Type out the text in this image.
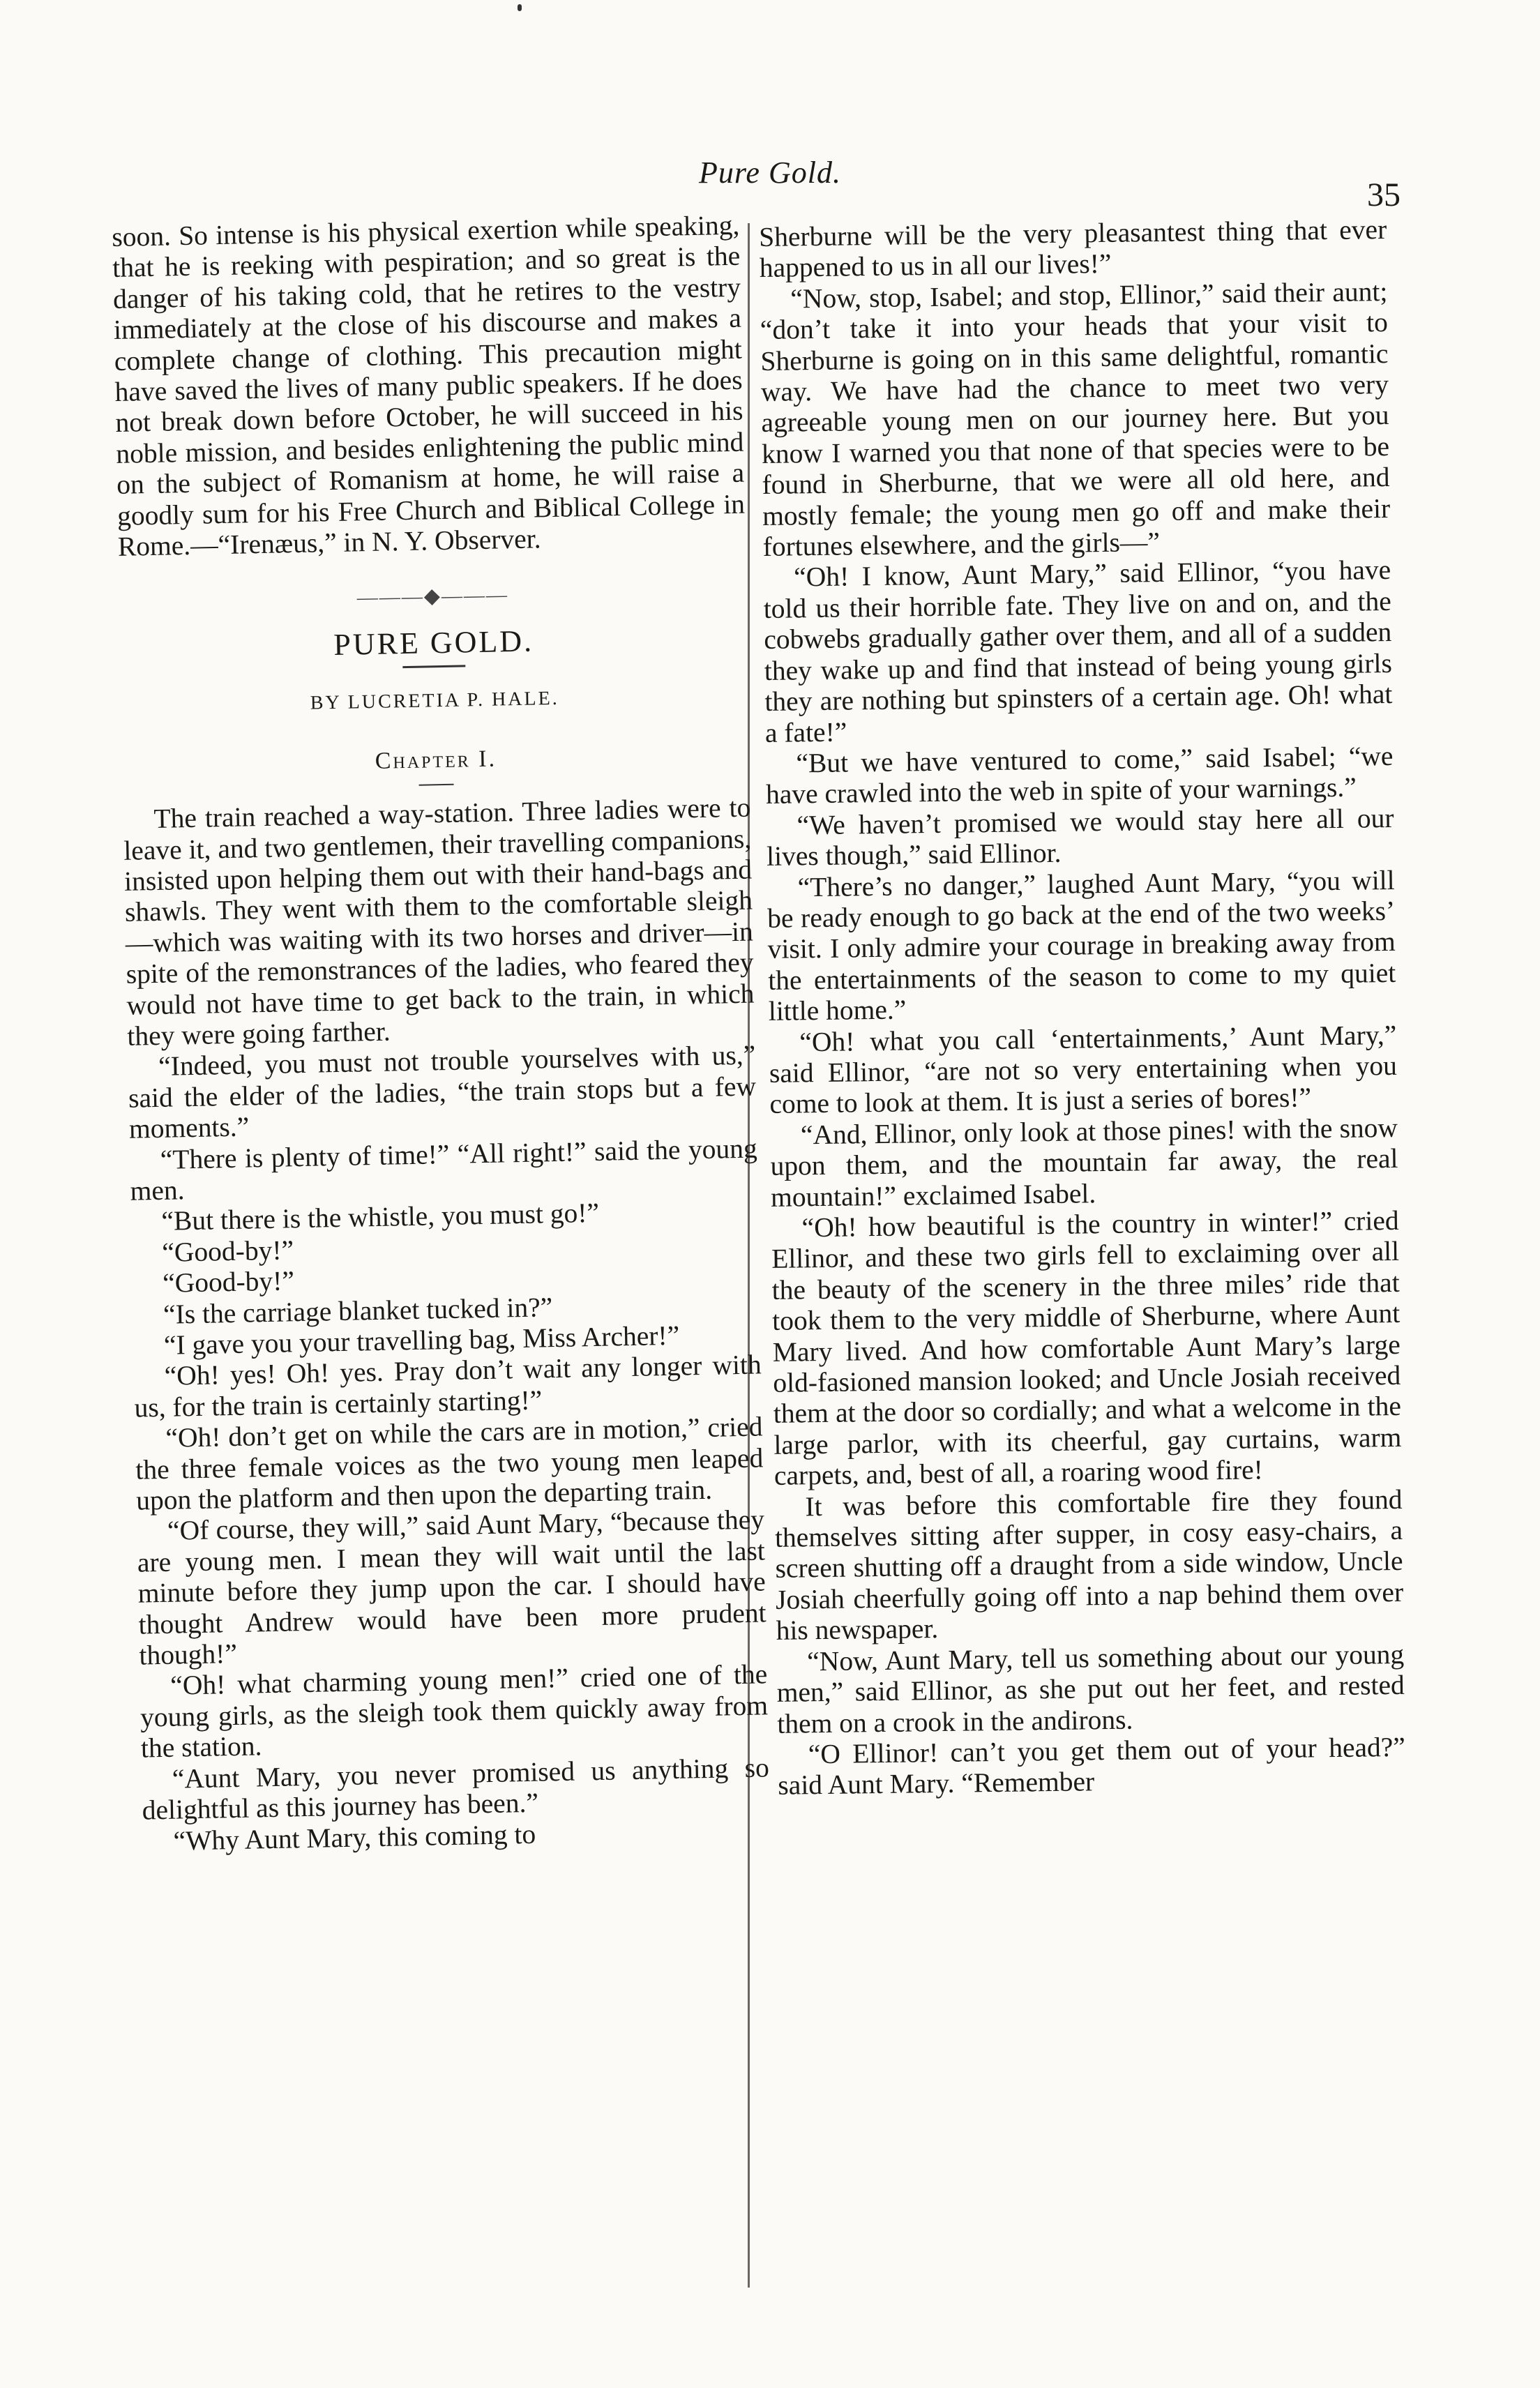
Pure Gold.
35

soon. So intense is his physical exertion while speaking, that he is reeking with pespiration; and so great is the danger of his taking cold, that he retires to the vestry immediately at the close of his discourse and makes a complete change of clothing. This precaution might have saved the lives of many public speakers. If he does not break down before October, he will succeed in his noble mission, and besides enlightening the public mind on the subject of Romanism at home, he will raise a goodly sum for his Free Church and Biblical College in Rome.—“Irenæus,” in N. Y. Observer.

———◆———
PURE GOLD.
BY LUCRETIA P. HALE.
Chapter I.

The train reached a way-station. Three ladies were to leave it, and two gentlemen, their travelling companions, insisted upon helping them out with their hand-bags and shawls. They went with them to the comfortable sleigh—which was waiting with its two horses and driver—in spite of the remonstrances of the ladies, who feared they would not have time to get back to the train, in which they were going farther.

“Indeed, you must not trouble yourselves with us,” said the elder of the ladies, “the train stops but a few moments.”

“There is plenty of time!” “All right!” said the young men.

“But there is the whistle, you must go!”

“Good-by!”

“Good-by!”

“Is the carriage blanket tucked in?”

“I gave you your travelling bag, Miss Archer!”

“Oh! yes! Oh! yes. Pray don’t wait any longer with us, for the train is certainly starting!”

“Oh! don’t get on while the cars are in motion,” cried the three female voices as the two young men leaped upon the platform and then upon the departing train.

“Of course, they will,” said Aunt Mary, “because they are young men. I mean they will wait until the last minute before they jump upon the car. I should have thought Andrew would have been more prudent though!”

“Oh! what charming young men!” cried one of the young girls, as the sleigh took them quickly away from the station.

“Aunt Mary, you never promised us anything so delightful as this journey has been.”

“Why Aunt Mary, this coming to

Sherburne will be the very pleasantest thing that ever happened to us in all our lives!”

“Now, stop, Isabel; and stop, Ellinor,” said their aunt; “don’t take it into your heads that your visit to Sherburne is going on in this same delightful, romantic way. We have had the chance to meet two very agreeable young men on our journey here. But you know I warned you that none of that species were to be found in Sherburne, that we were all old here, and mostly female; the young men go off and make their fortunes elsewhere, and the girls—”

“Oh! I know, Aunt Mary,” said Ellinor, “you have told us their horrible fate. They live on and on, and the cobwebs gradually gather over them, and all of a sudden they wake up and find that instead of being young girls they are nothing but spinsters of a certain age. Oh! what a fate!”

“But we have ventured to come,” said Isabel; “we have crawled into the web in spite of your warnings.”

“We haven’t promised we would stay here all our lives though,” said Ellinor.

“There’s no danger,” laughed Aunt Mary, “you will be ready enough to go back at the end of the two weeks’ visit. I only admire your courage in breaking away from the entertainments of the season to come to my quiet little home.”

“Oh! what you call ‘entertainments,’ Aunt Mary,” said Ellinor, “are not so very entertaining when you come to look at them. It is just a series of bores!”

“And, Ellinor, only look at those pines! with the snow upon them, and the mountain far away, the real mountain!” exclaimed Isabel.

“Oh! how beautiful is the country in winter!” cried Ellinor, and these two girls fell to exclaiming over all the beauty of the scenery in the three miles’ ride that took them to the very middle of Sherburne, where Aunt Mary lived. And how comfortable Aunt Mary’s large old-fasioned mansion looked; and Uncle Josiah received them at the door so cordially; and what a welcome in the large parlor, with its cheerful, gay curtains, warm carpets, and, best of all, a roaring wood fire!

It was before this comfortable fire they found themselves sitting after supper, in cosy easy-chairs, a screen shutting off a draught from a side window, Uncle Josiah cheerfully going off into a nap behind them over his newspaper.

“Now, Aunt Mary, tell us something about our young men,” said Ellinor, as she put out her feet, and rested them on a crook in the andirons.

“O Ellinor! can’t you get them out of your head?” said Aunt Mary. “Remember
